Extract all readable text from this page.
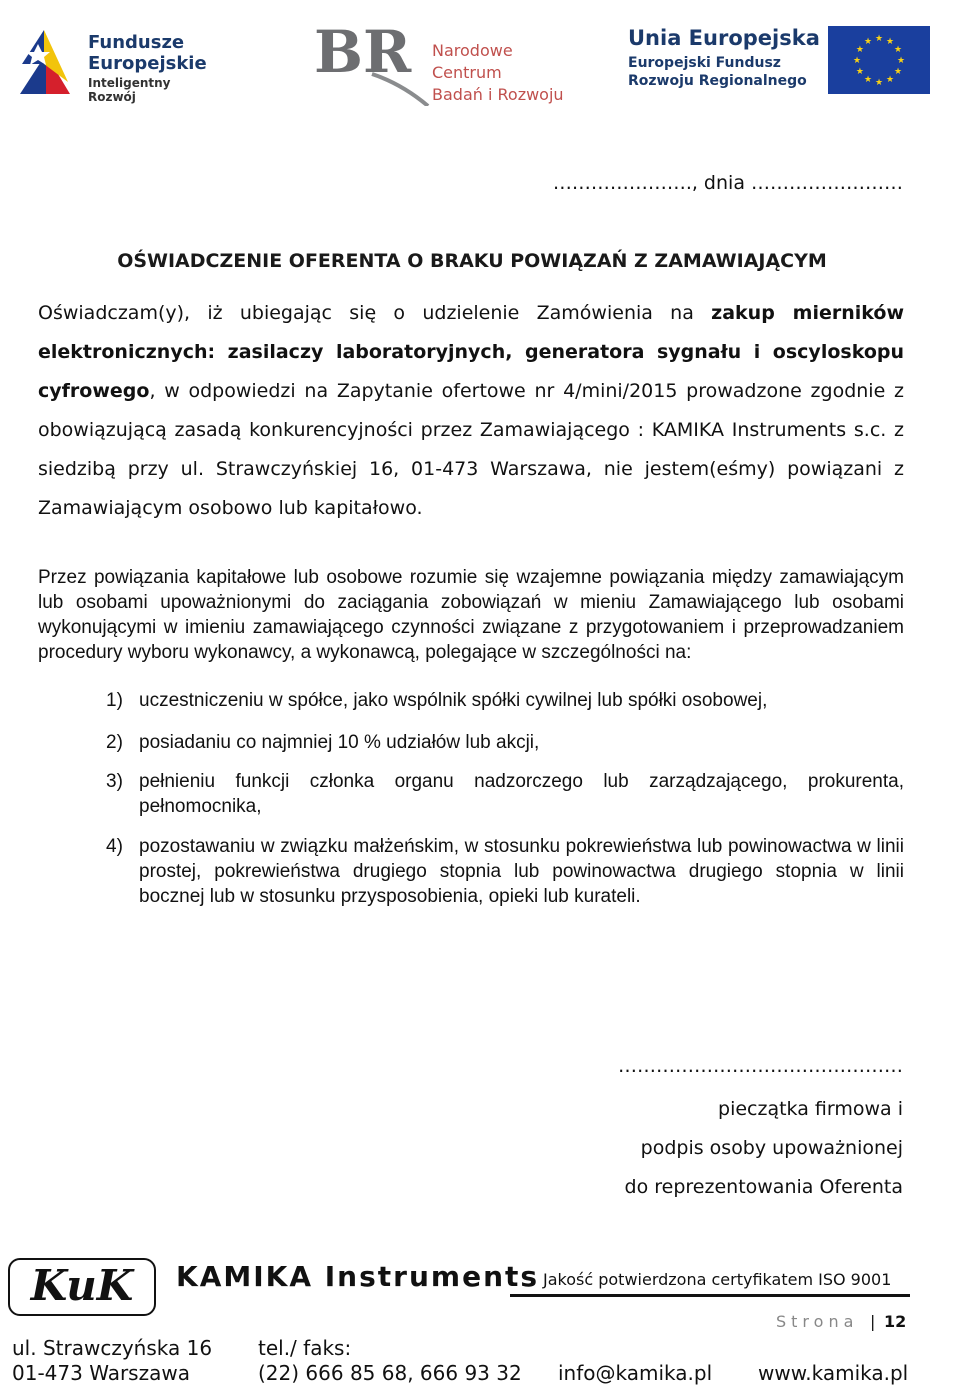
Fundusze
Europejskie
Inteligentny Rozwój
BR Narodowe Centrum
Badań i Rozwoju
Unia Europejska
Europejski Fundusz
Rozwoju Regionalnego
★
★
★
★
★
★
★
★
★ ★ ★
★
…………………., dnia ……………………
OŚWIADCZENIE OFERENTA O BRAKU POWIĄZAŃ Z ZAMAWIAJĄCYM
Oświadczam(y), iż ubiegając się o udzielenie Zamówienia na zakup mierników elektronicznych: zasilaczy laboratoryjnych, generatora sygnału i oscyloskopu cyfrowego, w odpowiedzi na Zapytanie ofertowe nr 4/mini/2015 prowadzone zgodnie z obowiązującą zasadą konkurencyjności przez Zamawiającego : KAMIKA Instruments s.c. z siedzibą przy ul. Strawczyńskiej 16, 01-473 Warszawa, nie jestem(eśmy) powiązani z Zamawiającym osobowo lub kapitałowo.
Przez powiązania kapitałowe lub osobowe rozumie się wzajemne powiązania między zamawiającym lub osobami upoważnionymi do zaciągania zobowiązań w mieniu Zamawiającego lub osobami wykonującymi w imieniu zamawiającego czynności związane z przygotowaniem i przeprowadzaniem procedury wyboru wykonawcy, a wykonawcą, polegające w szczególności na:
1) uczestniczeniu w spółce, jako wspólnik spółki cywilnej lub spółki osobowej,
2) posiadaniu co najmniej 10 % udziałów lub akcji,
3) pełnieniu funkcji członka organu nadzorczego lub zarządzającego, prokurenta, pełnomocnika,
4) pozostawaniu w związku małżeńskim, w stosunku pokrewieństwa lub powinowactwa w linii prostej, pokrewieństwa drugiego stopnia lub powinowactwa drugiego stopnia w linii bocznej lub w stosunku przysposobienia, opieki lub kurateli.
………………………………………
pieczątka firmowa i
podpis osoby upoważnionej
do reprezentowania Oferenta
KuK	KAMIKA Instruments Jakość potwierdzona certyfikatem ISO 9001
Strona | 12
ul. Strawczyńska 16
01-473 Warszawa
tel./ faks:
(22) 666 85 68, 666 93 32 info@kamika.pl www.kamika.pl
